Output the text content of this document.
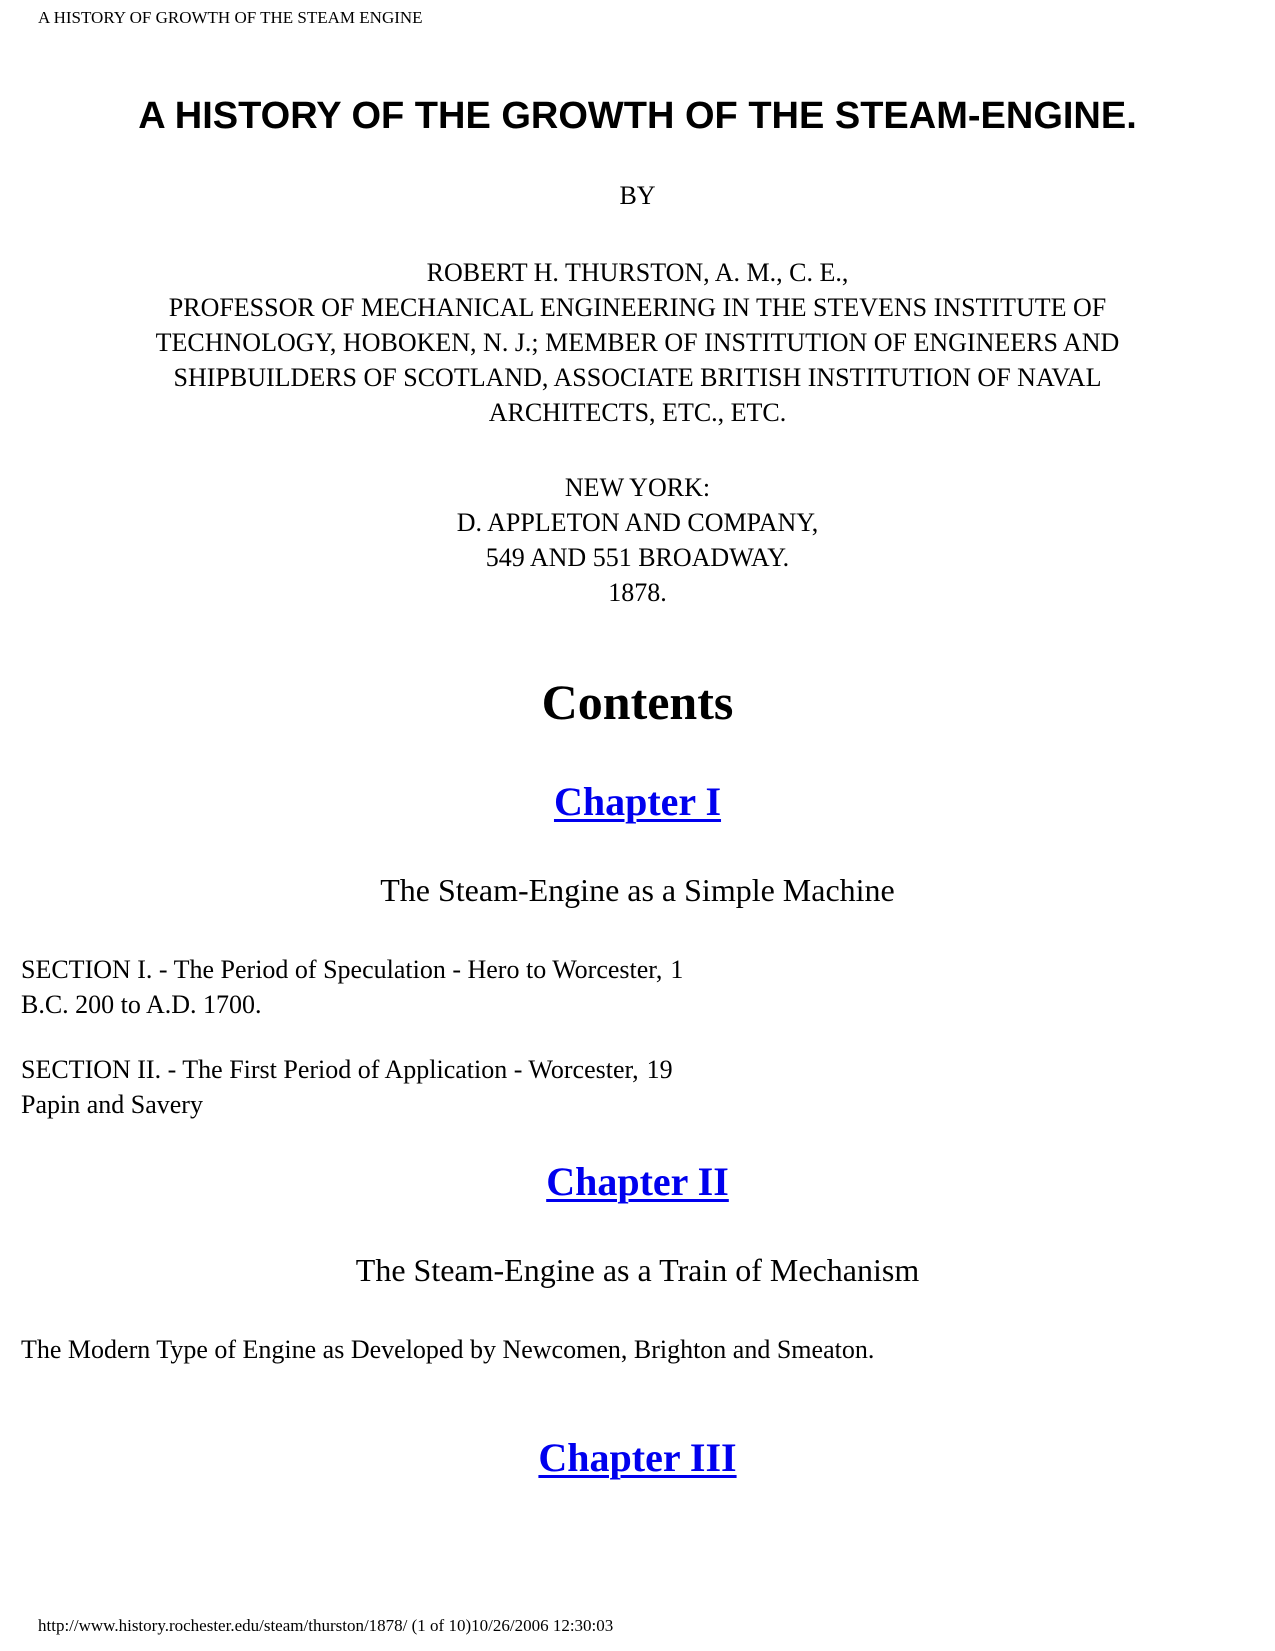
A HISTORY OF GROWTH OF THE STEAM ENGINE
A HISTORY OF THE GROWTH OF THE STEAM-ENGINE.
BY
ROBERT H. THURSTON, A. M., C. E.,
PROFESSOR OF MECHANICAL ENGINEERING IN THE STEVENS INSTITUTE OF
TECHNOLOGY, HOBOKEN, N. J.; MEMBER OF INSTITUTION OF ENGINEERS AND
SHIPBUILDERS OF SCOTLAND, ASSOCIATE BRITISH INSTITUTION OF NAVAL
ARCHITECTS, ETC., ETC.
NEW YORK:
D. APPLETON AND COMPANY,
549 AND 551 BROADWAY.
1878.
Contents
Chapter I
The Steam-Engine as a Simple Machine
SECTION I. - The Period of Speculation - Hero to Worcester, 1
B.C. 200 to A.D. 1700.
SECTION II. - The First Period of Application - Worcester, 19
Papin and Savery
Chapter II
The Steam-Engine as a Train of Mechanism
The Modern Type of Engine as Developed by Newcomen, Brighton and Smeaton.
Chapter III
http://www.history.rochester.edu/steam/thurston/1878/ (1 of 10)10/26/2006 12:30:03
